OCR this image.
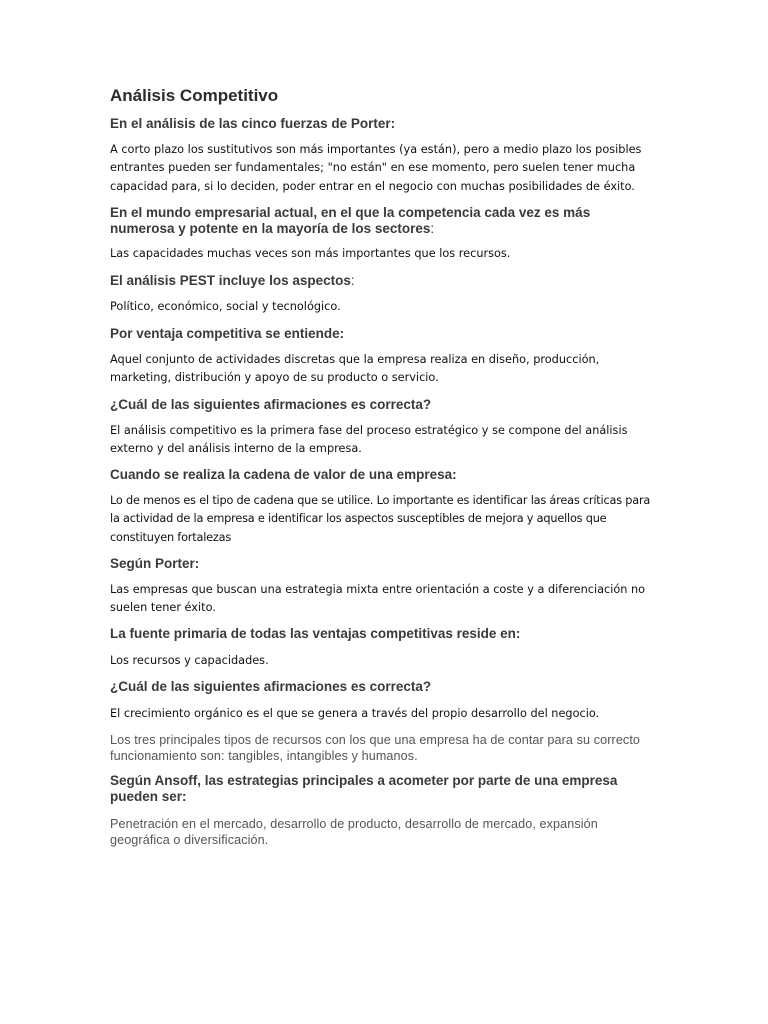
Análisis Competitivo

En el análisis de las cinco fuerzas de Porter:

A corto plazo los sustitutivos son más importantes (ya están), pero a medio plazo los posibles entrantes pueden ser fundamentales; "no están" en ese momento, pero suelen tener mucha capacidad para, si lo deciden, poder entrar en el negocio con muchas posibilidades de éxito.

En el mundo empresarial actual, en el que la competencia cada vez es más numerosa y potente en la mayoría de los sectores:

Las capacidades muchas veces son más importantes que los recursos.

El análisis PEST incluye los aspectos:

Político, económico, social y tecnológico.

Por ventaja competitiva se entiende:

Aquel conjunto de actividades discretas que la empresa realiza en diseño, producción, marketing, distribución y apoyo de su producto o servicio.

¿Cuál de las siguientes afirmaciones es correcta?

El análisis competitivo es la primera fase del proceso estratégico y se compone del análisis externo y del análisis interno de la empresa.

Cuando se realiza la cadena de valor de una empresa:

Lo de menos es el tipo de cadena que se utilice. Lo importante es identificar las áreas críticas para la actividad de la empresa e identificar los aspectos susceptibles de mejora y aquellos que constituyen fortalezas

Según Porter:

Las empresas que buscan una estrategia mixta entre orientación a coste y a diferenciación no suelen tener éxito.

La fuente primaria de todas las ventajas competitivas reside en:

Los recursos y capacidades.

¿Cuál de las siguientes afirmaciones es correcta?

El crecimiento orgánico es el que se genera a través del propio desarrollo del negocio.

Los tres principales tipos de recursos con los que una empresa ha de contar para su correcto funcionamiento son: tangibles, intangibles y humanos.

Según Ansoff, las estrategias principales a acometer por parte de una empresa pueden ser:

Penetración en el mercado, desarrollo de producto, desarrollo de mercado, expansión geográfica o diversificación.
